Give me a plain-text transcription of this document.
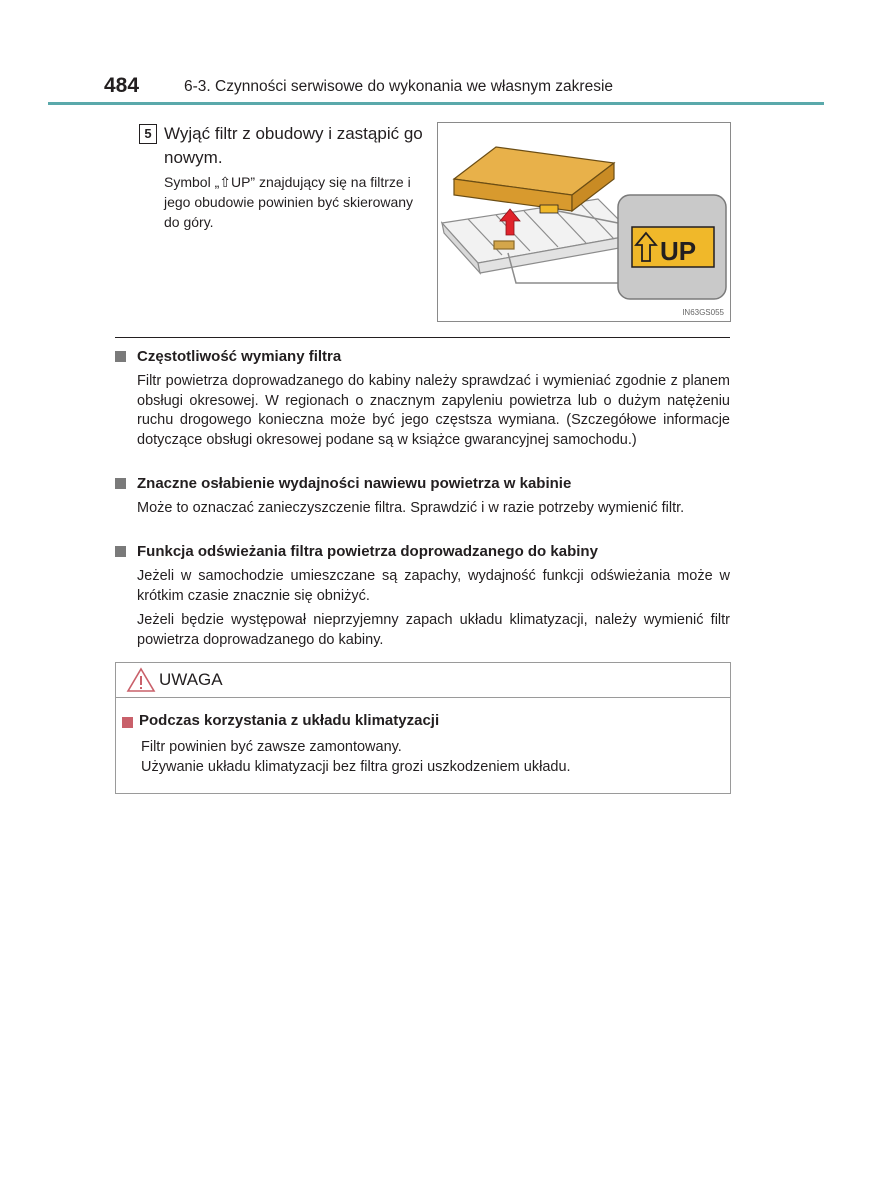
484	6-3. Czynności serwisowe do wykonania we własnym zakresie
5 Wyjąć filtr z obudowy i zastąpić go nowym.
Symbol „⇧UP” znajdujący się na filtrze i jego obudowie powinien być skierowany do góry.
UP
IN63GS055
Częstotliwość wymiany filtra
Filtr powietrza doprowadzanego do kabiny należy sprawdzać i wymieniać zgodnie z planem obsługi okresowej. W regionach o znacznym zapyleniu powietrza lub o dużym natężeniu ruchu drogowego konieczna może być jego częstsza wymiana. (Szczegółowe informacje dotyczące obsługi okresowej podane są w książce gwarancyjnej samochodu.)
Znaczne osłabienie wydajności nawiewu powietrza w kabinie
Może to oznaczać zanieczyszczenie filtra. Sprawdzić i w razie potrzeby wymienić filtr.
Funkcja odświeżania filtra powietrza doprowadzanego do kabiny
Jeżeli w samochodzie umieszczane są zapachy, wydajność funkcji odświeżania może w krótkim czasie znacznie się obniżyć.
Jeżeli będzie występował nieprzyjemny zapach układu klimatyzacji, należy wymienić filtr powietrza doprowadzanego do kabiny.
UWAGA
Podczas korzystania z układu klimatyzacji
Filtr powinien być zawsze zamontowany.
Używanie układu klimatyzacji bez filtra grozi uszkodzeniem układu.
